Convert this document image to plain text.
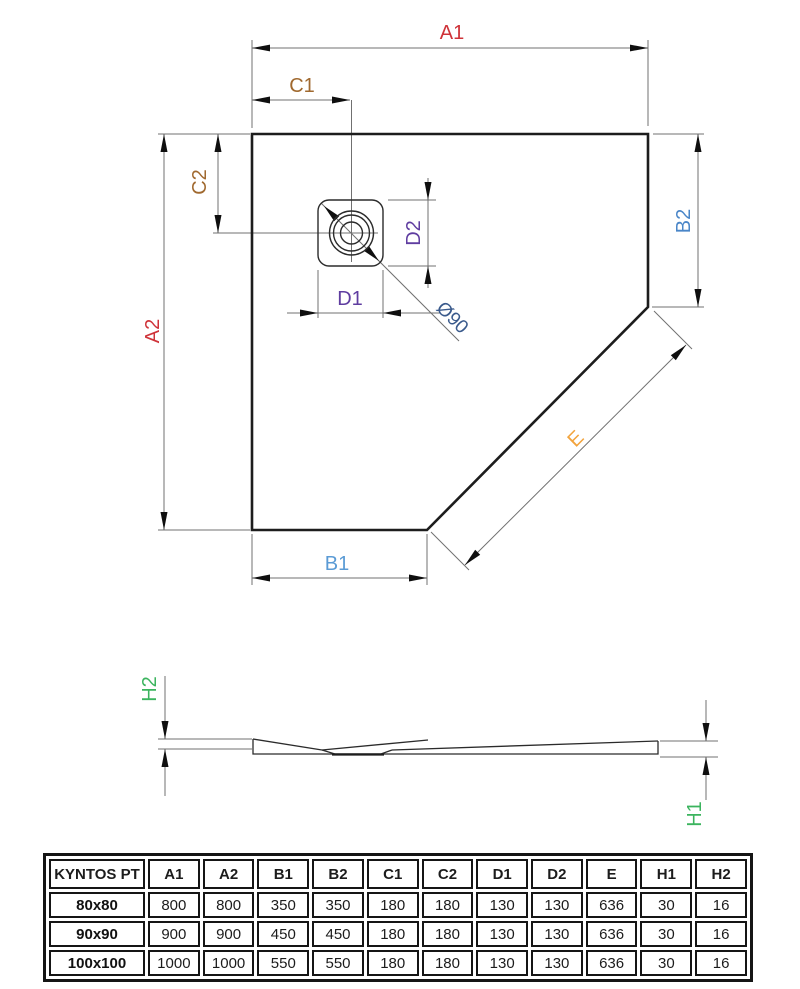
A1
C1
C2
A2
B2
D2
D1	Ø90
E
B1
H2
H1
KYNTOS PT	A1	A2	B1	B2	C1	C2	D1	D2	E	H1	H2
80x80	800	800	350	350	180	180	130	130	636	30	16
90x90	900	900	450	450	180	180	130	130	636	30	16
100x100	1000	1000	550	550	180	180	130	130	636	30	16
